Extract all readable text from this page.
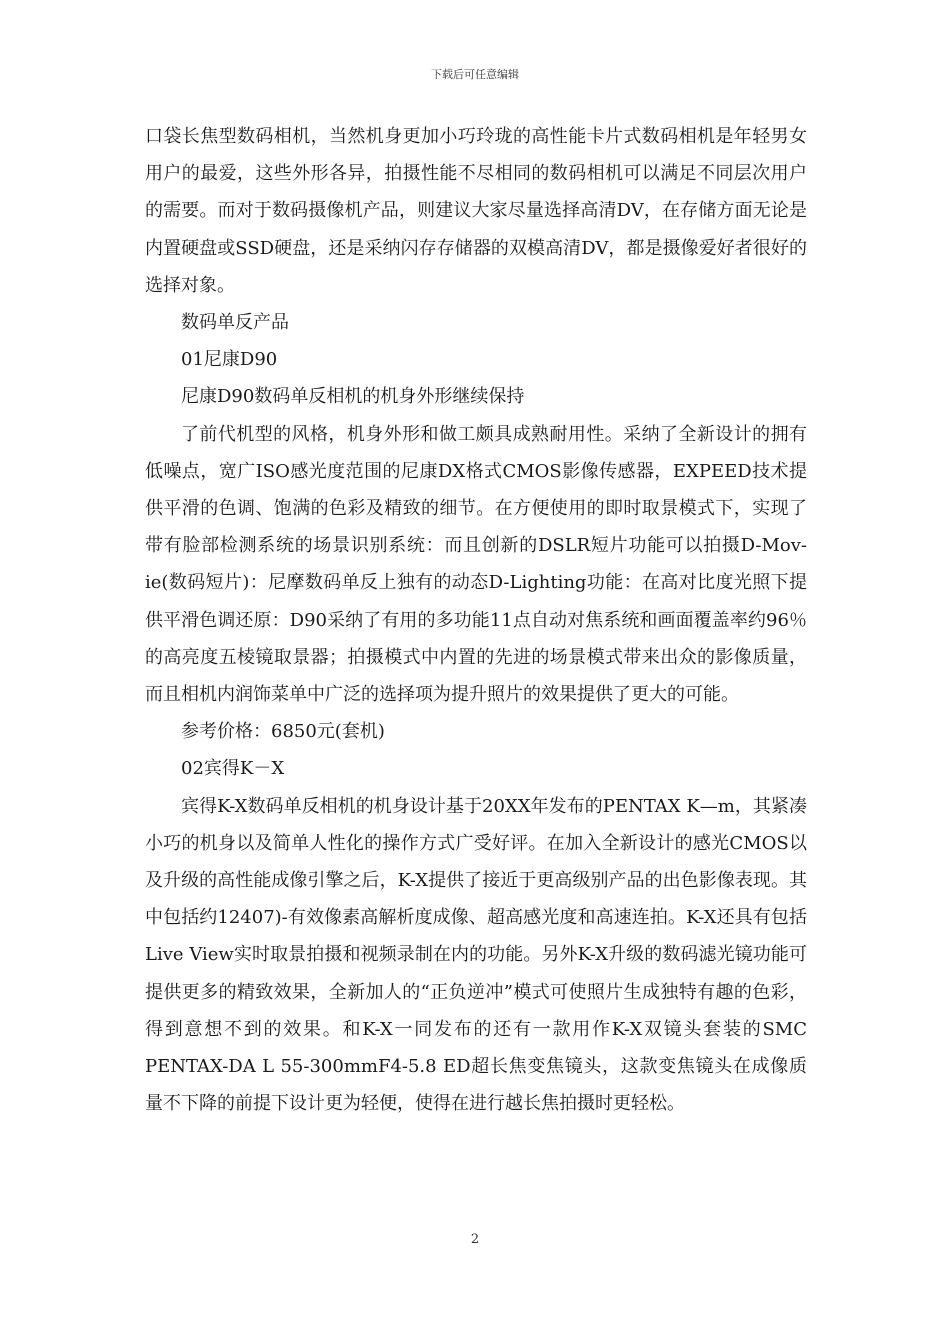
下载后可任意编辑

口袋长焦型数码相机，当然机身更加小巧玲珑的高性能卡片式数码相机是年轻男女用户的最爱，这些外形各异，拍摄性能不尽相同的数码相机可以满足不同层次用户的需要。而对于数码摄像机产品，则建议大家尽量选择高清DV，在存储方面无论是内置硬盘或SSD硬盘，还是采纳闪存存储器的双模高清DV，都是摄像爱好者很好的选择对象。

数码单反产品

01尼康D90

尼康D90数码单反相机的机身外形继续保持

了前代机型的风格，机身外形和做工颇具成熟耐用性。采纳了全新设计的拥有低噪点，宽广ISO感光度范围的尼康DX格式CMOS影像传感器，EXPEED技术提供平滑的色调、饱满的色彩及精致的细节。在方便使用的即时取景模式下，实现了带有脸部检测系统的场景识别系统：而且创新的DSLR短片功能可以拍摄D-Mov-ie(数码短片)：尼摩数码单反上独有的动态D-Lighting功能：在高对比度光照下提供平滑色调还原：D90采纳了有用的多功能11点自动对焦系统和画面覆盖率约96％的高亮度五棱镜取景器；拍摄模式中内置的先进的场景模式带来出众的影像质量，而且相机内润饰菜单中广泛的选择项为提升照片的效果提供了更大的可能。

参考价格：6850元(套机)

02宾得K－X

宾得K-X数码单反相机的机身设计基于20XX年发布的PENTAX K—m，其紧凑小巧的机身以及简单人性化的操作方式广受好评。在加入全新设计的感光CMOS以及升级的高性能成像引擎之后，K-X提供了接近于更高级别产品的出色影像表现。其中包括约12407)-有效像素高解析度成像、超高感光度和高速连拍。K-X还具有包括Live View实时取景拍摄和视频录制在内的功能。另外K-X升级的数码滤光镜功能可提供更多的精致效果，全新加人的“正负逆冲”模式可使照片生成独特有趣的色彩，得到意想不到的效果。和K-X一同发布的还有一款用作K-X双镜头套装的SMC PENTAX-DA L 55-300mmF4-5.8 ED超长焦变焦镜头，这款变焦镜头在成像质量不下降的前提下设计更为轻便，使得在进行越长焦拍摄时更轻松。

2
